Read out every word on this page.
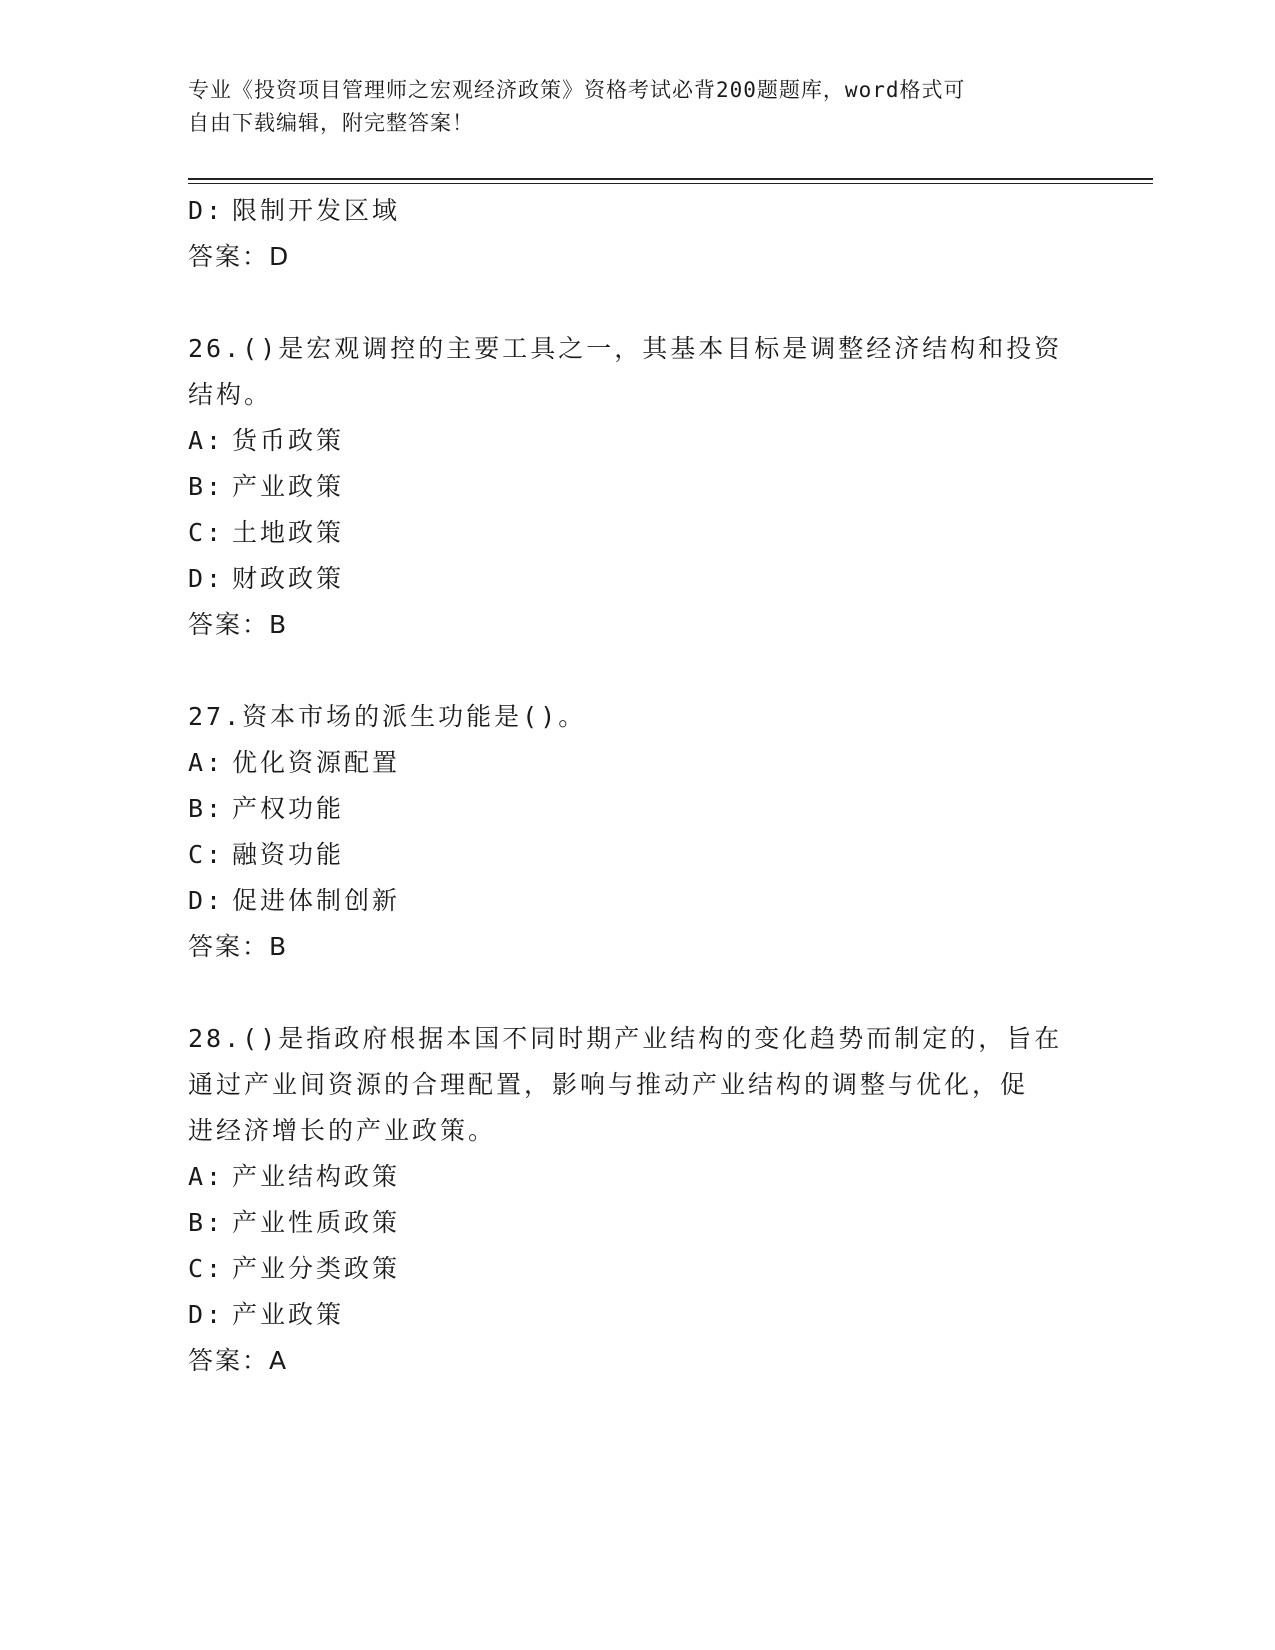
专业《投资项目管理师之宏观经济政策》资格考试必背200题题库，word格式可
自由下载编辑，附完整答案！
D: 限制开发区域
答案：D
26.()是宏观调控的主要工具之一，其基本目标是调整经济结构和投资
结构。
A: 货币政策
B: 产业政策
C: 土地政策
D: 财政政策
答案：B
27.资本市场的派生功能是()。
A: 优化资源配置
B: 产权功能
C: 融资功能
D: 促进体制创新
答案：B
28.()是指政府根据本国不同时期产业结构的变化趋势而制定的，旨在
通过产业间资源的合理配置，影响与推动产业结构的调整与优化，促
进经济增长的产业政策。
A: 产业结构政策
B: 产业性质政策
C: 产业分类政策
D: 产业政策
答案：A
